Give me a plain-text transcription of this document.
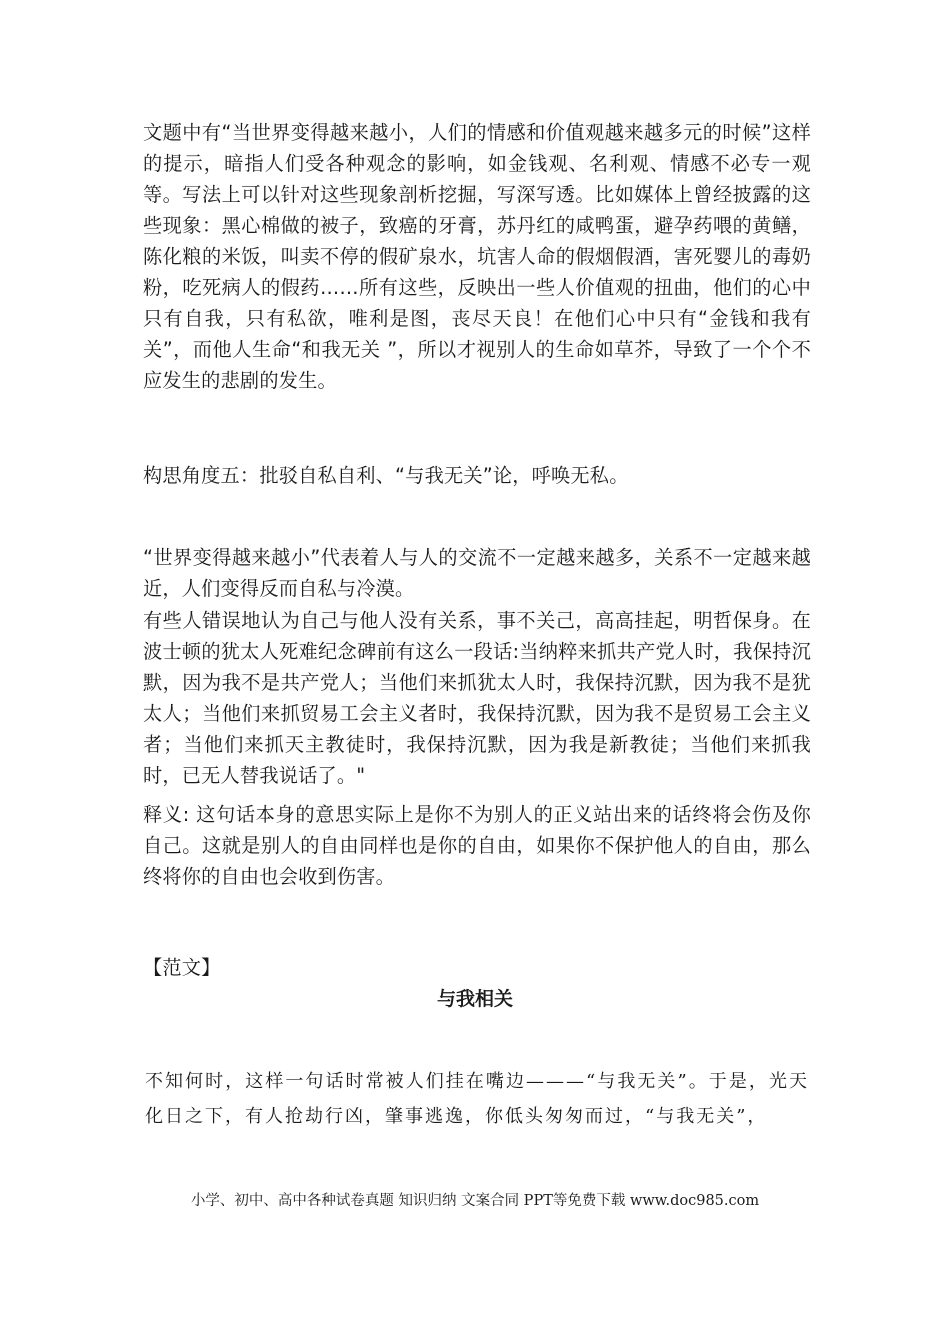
文题中有“当世界变得越来越小，人们的情感和价值观越来越多元的时候”这样的提示，暗指人们受各种观念的影响，如金钱观、名利观、情感不必专一观等。写法上可以针对这些现象剖析挖掘，写深写透。比如媒体上曾经披露的这些现象：黑心棉做的被子，致癌的牙膏，苏丹红的咸鸭蛋，避孕药喂的黄鳝，陈化粮的米饭，叫卖不停的假矿泉水，坑害人命的假烟假酒，害死婴儿的毒奶粉，吃死病人的假药……所有这些，反映出一些人价值观的扭曲，他们的心中只有自我，只有私欲，唯利是图，丧尽天良！在他们心中只有“金钱和我有关”，而他人生命“和我无关 ”，所以才视别人的生命如草芥，导致了一个个不应发生的悲剧的发生。

构思角度五：批驳自私自利、“与我无关”论，呼唤无私。

“世界变得越来越小”代表着人与人的交流不一定越来越多，关系不一定越来越近，人们变得反而自私与冷漠。

有些人错误地认为自己与他人没有关系，事不关己，高高挂起，明哲保身。在波士顿的犹太人死难纪念碑前有这么一段话:当纳粹来抓共产党人时，我保持沉默，因为我不是共产党人；当他们来抓犹太人时，我保持沉默，因为我不是犹太人；当他们来抓贸易工会主义者时，我保持沉默，因为我不是贸易工会主义者；当他们来抓天主教徒时，我保持沉默，因为我是新教徒；当他们来抓我时，已无人替我说话了。"

释义: 这句话本身的意思实际上是你不为别人的正义站出来的话终将会伤及你自己。这就是别人的自由同样也是你的自由，如果你不保护他人的自由，那么终将你的自由也会收到伤害。

【范文】

与我相关

不知何时，这样一句话时常被人们挂在嘴边———“与我无关”。于是，光天化日之下，有人抢劫行凶，肇事逃逸，你低头匆匆而过，“与我无关”，

小学、初中、高中各种试卷真题 知识归纳 文案合同 PPT等免费下载 www.doc985.com
